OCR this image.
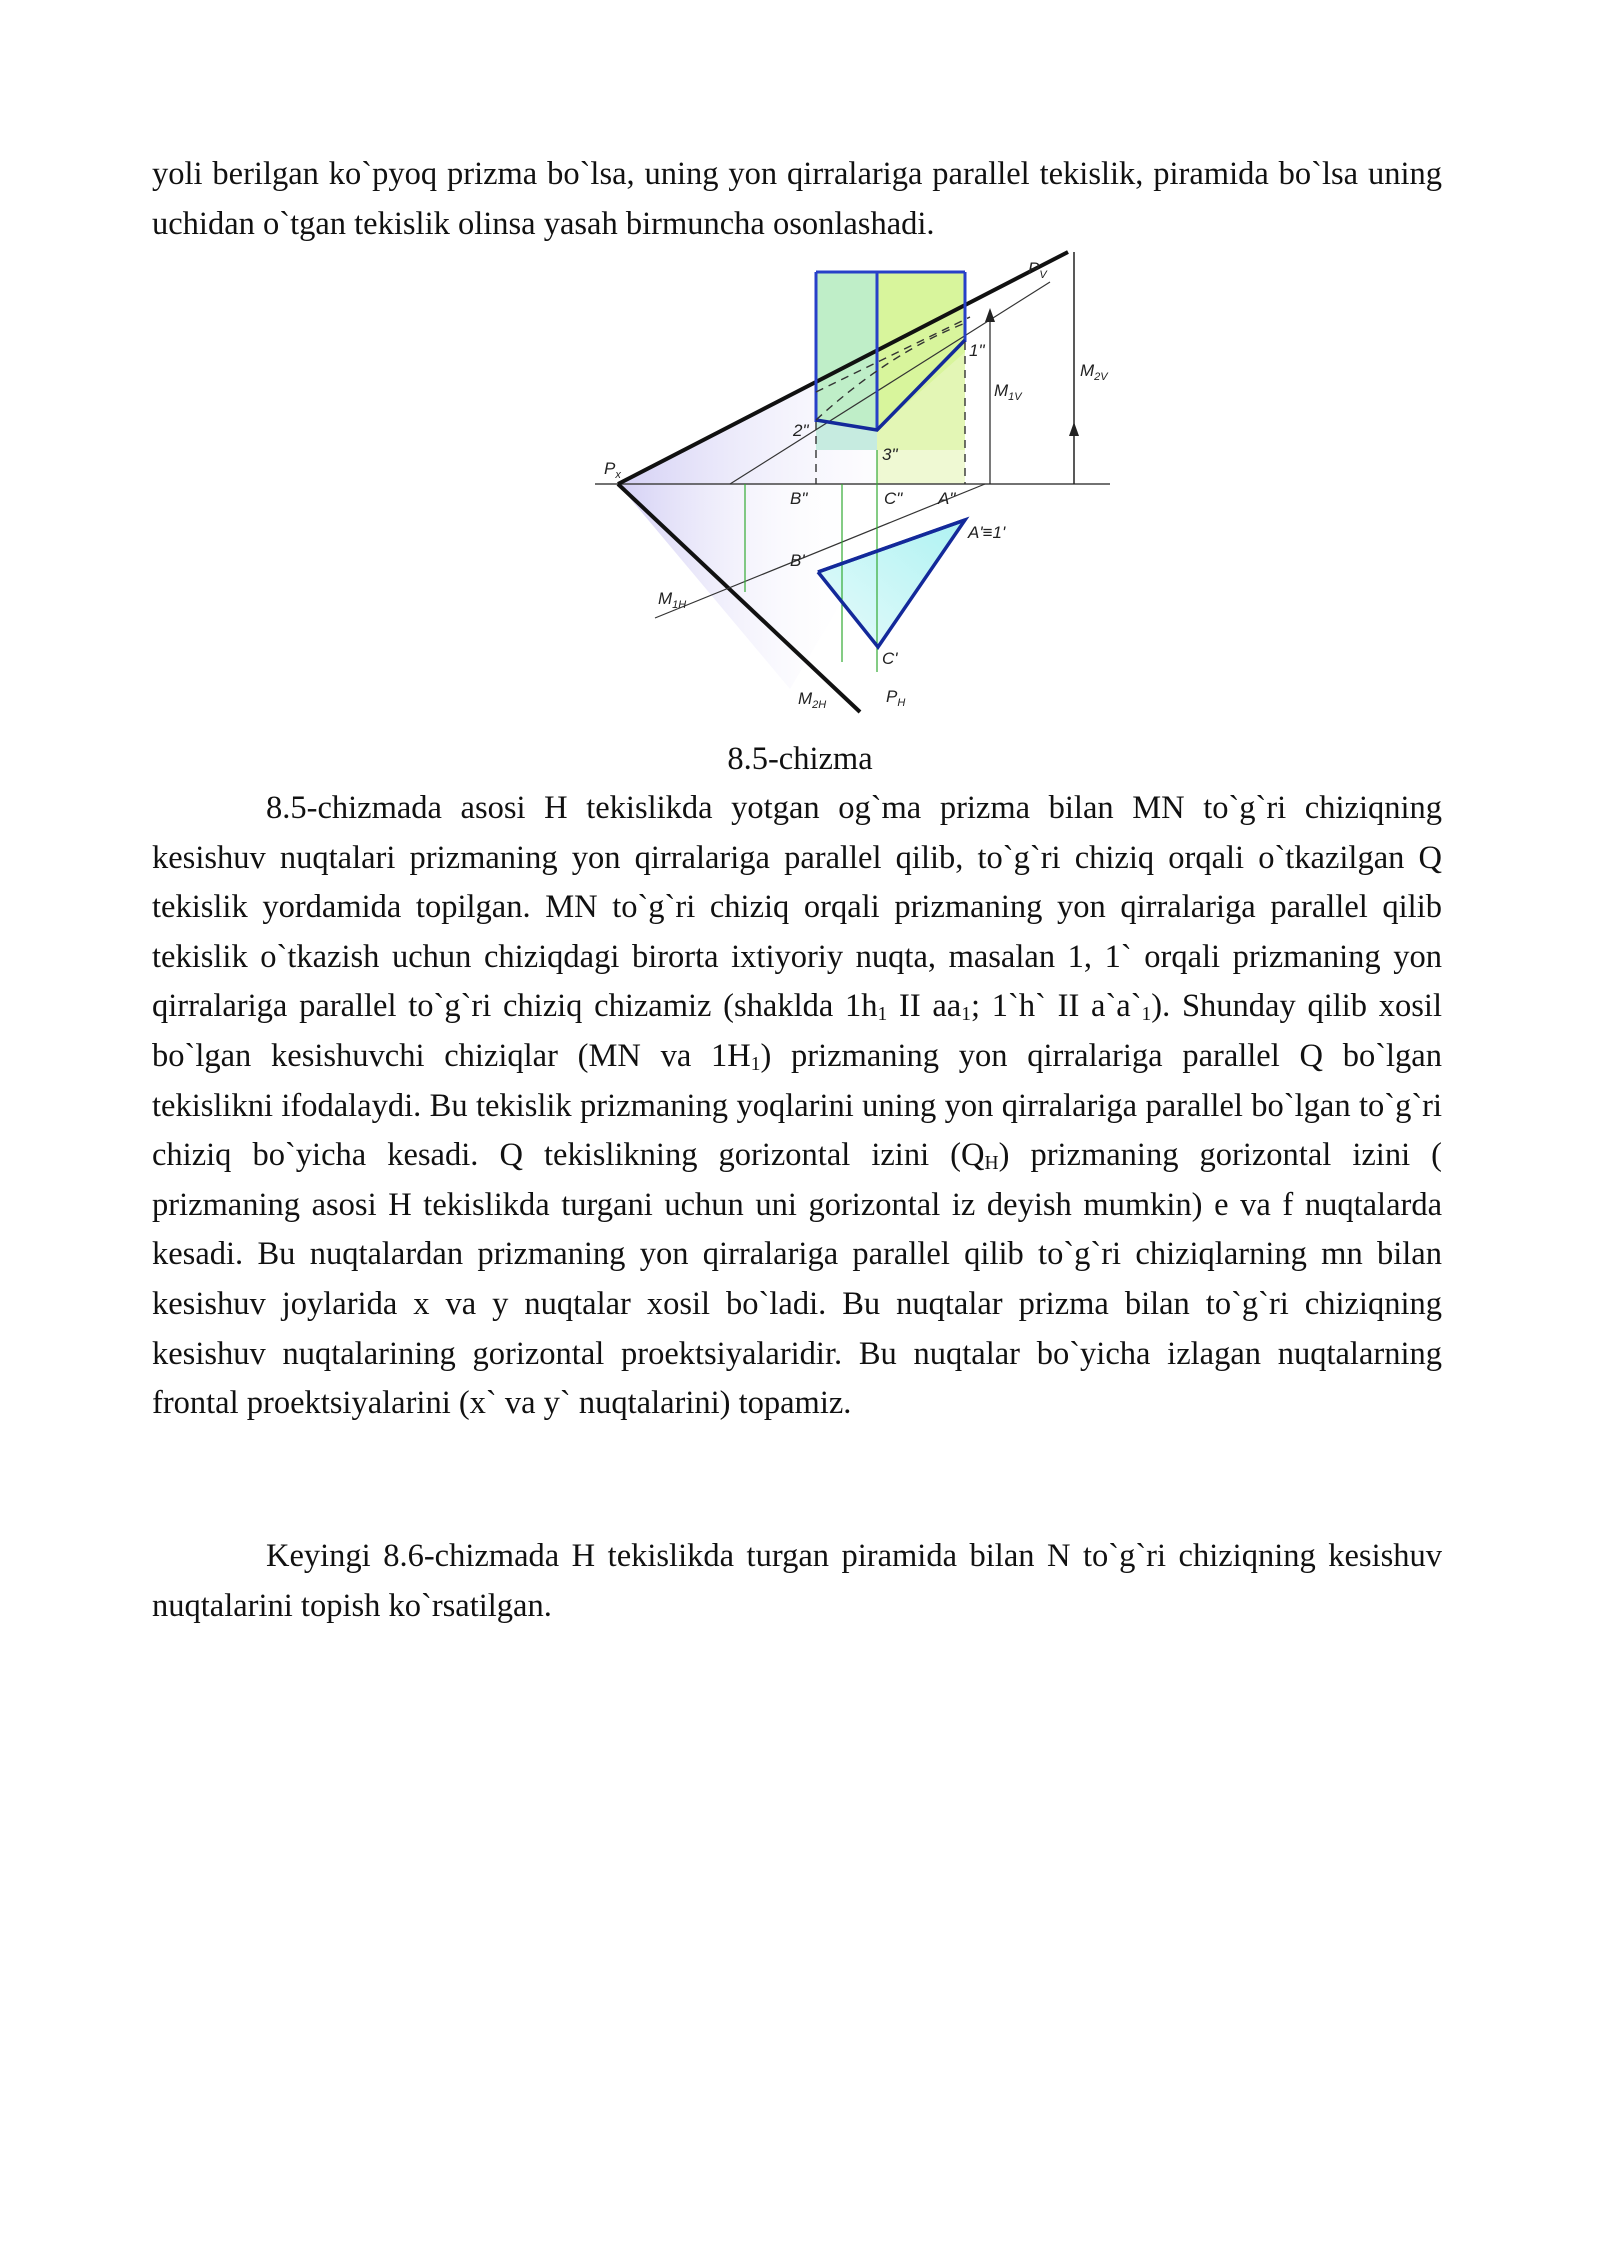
yoli berilgan ko`pyoq prizma bo`lsa, uning yon qirralariga parallel tekislik, piramida bo`lsa uning uchidan o`tgan tekislik olinsa yasah birmuncha osonlashadi.

$P_V$
$P_x$
1"
2"
3"
$M_{1V}$
$M_{2V}$
B"	C" A"
A'≡1'
B'
C'
$M_{1H}$
$M_{2H}$	$P_H$
8.5-chizma

8.5-chizmada asosi H tekislikda yotgan og`ma prizma bilan MN to`g`ri chiziqning kesishuv nuqtalari prizmaning yon qirralariga parallel qilib, to`g`ri chiziq orqali o`tkazilgan Q tekislik yordamida topilgan. MN to`g`ri chiziq orqali prizmaning yon qirralariga parallel qilib tekislik o`tkazish uchun chiziqdagi birorta ixtiyoriy nuqta, masalan 1, 1` orqali prizmaning yon qirralariga parallel to`g`ri chiziq chizamiz (shaklda $1h_1$ II $aa_1$; 1`h` II $a`a`_1$). Shunday qilib xosil bo`lgan kesishuvchi chiziqlar (MN va $1H_1$) prizmaning yon qirralariga parallel Q bo`lgan tekislikni ifodalaydi. Bu tekislik prizmaning yoqlarini uning yon qirralariga parallel bo`lgan to`g`ri chiziq bo`yicha kesadi. Q tekislikning gorizontal izini $(Q_H)$ prizmaning gorizontal izini ( prizmaning asosi H tekislikda turgani uchun uni gorizontal iz deyish mumkin) e va f nuqtalarda kesadi. Bu nuqtalardan prizmaning yon qirralariga parallel qilib to`g`ri chiziqlarning mn bilan kesishuv joylarida x va y nuqtalar xosil bo`ladi. Bu nuqtalar prizma bilan to`g`ri chiziqning kesishuv nuqtalarining gorizontal proektsiyalaridir. Bu nuqtalar bo`yicha izlagan nuqtalarning frontal proektsiyalarini (x` va y` nuqtalarini) topamiz.

Keyingi 8.6-chizmada H tekislikda turgan piramida bilan N to`g`ri chiziqning kesishuv nuqtalarini topish ko`rsatilgan.
